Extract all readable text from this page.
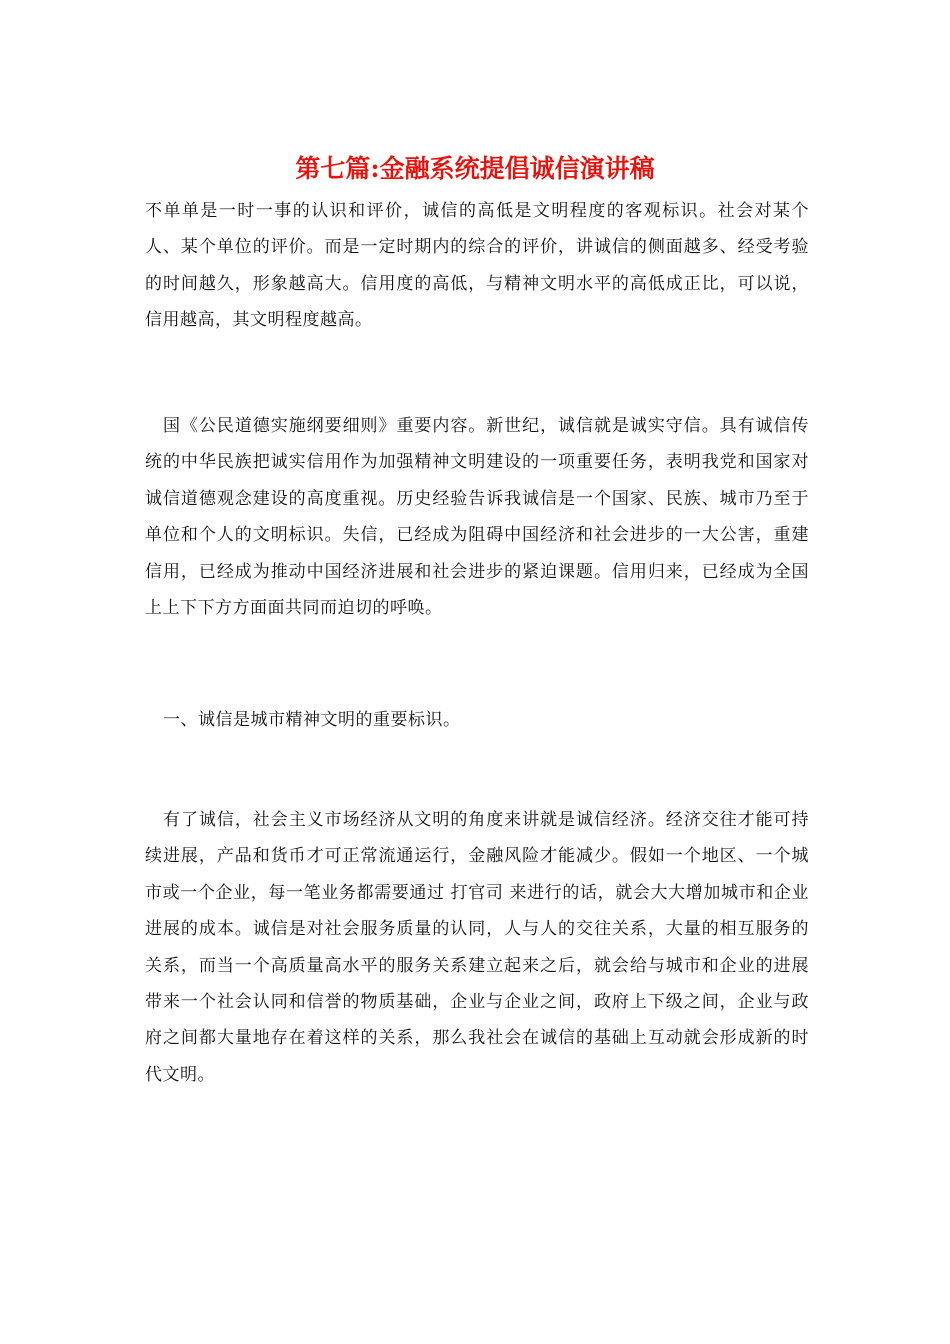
第七篇:金融系统提倡诚信演讲稿

不单单是一时一事的认识和评价，诚信的高低是文明程度的客观标识。社会对某个人、某个单位的评价。而是一定时期内的综合的评价，讲诚信的侧面越多、经受考验的时间越久，形象越高大。信用度的高低，与精神文明水平的高低成正比，可以说，信用越高，其文明程度越高。

国《公民道德实施纲要细则》重要内容。新世纪，诚信就是诚实守信。具有诚信传统的中华民族把诚实信用作为加强精神文明建设的一项重要任务，表明我党和国家对诚信道德观念建设的高度重视。历史经验告诉我诚信是一个国家、民族、城市乃至于单位和个人的文明标识。失信，已经成为阻碍中国经济和社会进步的一大公害，重建信用，已经成为推动中国经济进展和社会进步的紧迫课题。信用归来，已经成为全国上上下下方方面面共同而迫切的呼唤。

一、诚信是城市精神文明的重要标识。

有了诚信，社会主义市场经济从文明的角度来讲就是诚信经济。经济交往才能可持续进展，产品和货币才可正常流通运行，金融风险才能减少。假如一个地区、一个城市或一个企业，每一笔业务都需要通过 打官司 来进行的话，就会大大增加城市和企业进展的成本。诚信是对社会服务质量的认同，人与人的交往关系，大量的相互服务的关系，而当一个高质量高水平的服务关系建立起来之后，就会给与城市和企业的进展带来一个社会认同和信誉的物质基础，企业与企业之间，政府上下级之间，企业与政府之间都大量地存在着这样的关系，那么我社会在诚信的基础上互动就会形成新的时代文明。
